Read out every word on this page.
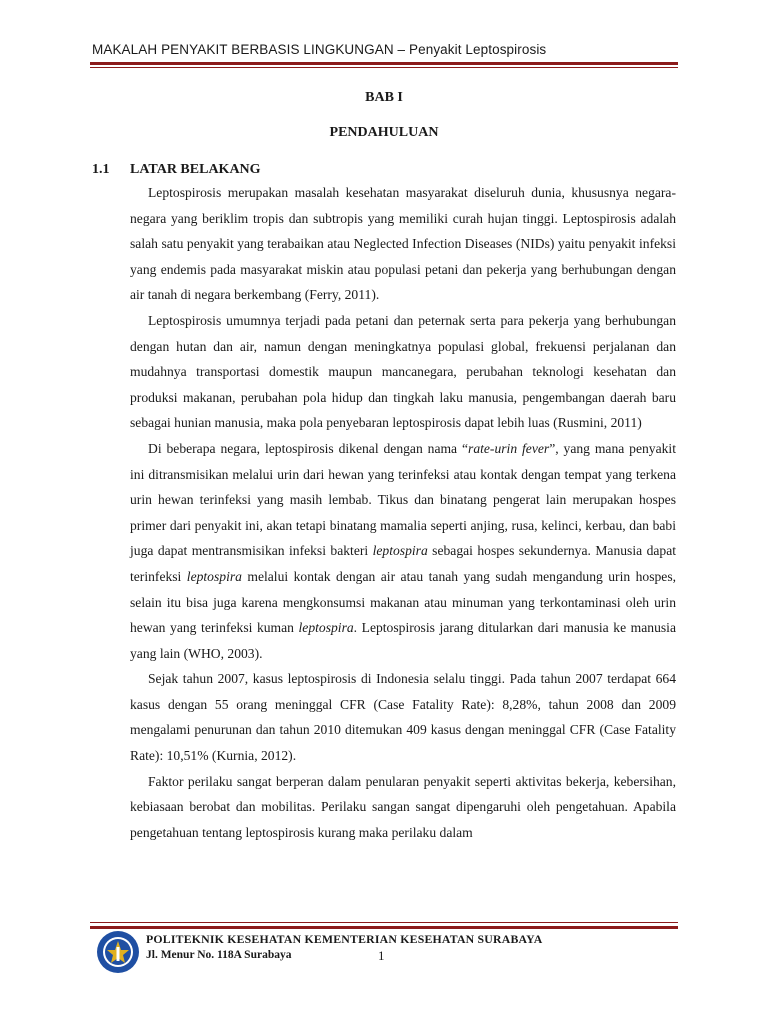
MAKALAH PENYAKIT BERBASIS LINGKUNGAN – Penyakit Leptospirosis
BAB I
PENDAHULUAN
1.1 LATAR BELAKANG

Leptospirosis merupakan masalah kesehatan masyarakat diseluruh dunia, khususnya negara-negara yang beriklim tropis dan subtropis yang memiliki curah hujan tinggi. Leptospirosis adalah salah satu penyakit yang terabaikan atau Neglected Infection Diseases (NIDs) yaitu penyakit infeksi yang endemis pada masyarakat miskin atau populasi petani dan pekerja yang berhubungan dengan air tanah di negara berkembang (Ferry, 2011).

Leptospirosis umumnya terjadi pada petani dan peternak serta para pekerja yang berhubungan dengan hutan dan air, namun dengan meningkatnya populasi global, frekuensi perjalanan dan mudahnya transportasi domestik maupun mancanegara, perubahan teknologi kesehatan dan produksi makanan, perubahan pola hidup dan tingkah laku manusia, pengembangan daerah baru sebagai hunian manusia, maka pola penyebaran leptospirosis dapat lebih luas (Rusmini, 2011)

Di beberapa negara, leptospirosis dikenal dengan nama “rate-urin fever”, yang mana penyakit ini ditransmisikan melalui urin dari hewan yang terinfeksi atau kontak dengan tempat yang terkena urin hewan terinfeksi yang masih lembab. Tikus dan binatang pengerat lain merupakan hospes primer dari penyakit ini, akan tetapi binatang mamalia seperti anjing, rusa, kelinci, kerbau, dan babi juga dapat mentransmisikan infeksi bakteri leptospira sebagai hospes sekundernya. Manusia dapat terinfeksi leptospira melalui kontak dengan air atau tanah yang sudah mengandung urin hospes, selain itu bisa juga karena mengkonsumsi makanan atau minuman yang terkontaminasi oleh urin hewan yang terinfeksi kuman leptospira. Leptospirosis jarang ditularkan dari manusia ke manusia yang lain (WHO, 2003).

Sejak tahun 2007, kasus leptospirosis di Indonesia selalu tinggi. Pada tahun 2007 terdapat 664 kasus dengan 55 orang meninggal CFR (Case Fatality Rate): 8,28%, tahun 2008 dan 2009 mengalami penurunan dan tahun 2010 ditemukan 409 kasus dengan meninggal CFR (Case Fatality Rate): 10,51% (Kurnia, 2012).

Faktor perilaku sangat berperan dalam penularan penyakit seperti aktivitas bekerja, kebersihan, kebiasaan berobat dan mobilitas. Perilaku sangan sangat dipengaruhi oleh pengetahuan. Apabila pengetahuan tentang leptospirosis kurang maka perilaku dalam

POLITEKNIK KESEHATAN KEMENTERIAN KESEHATAN SURABAYA
Jl. Menur No. 118A Surabaya	1
